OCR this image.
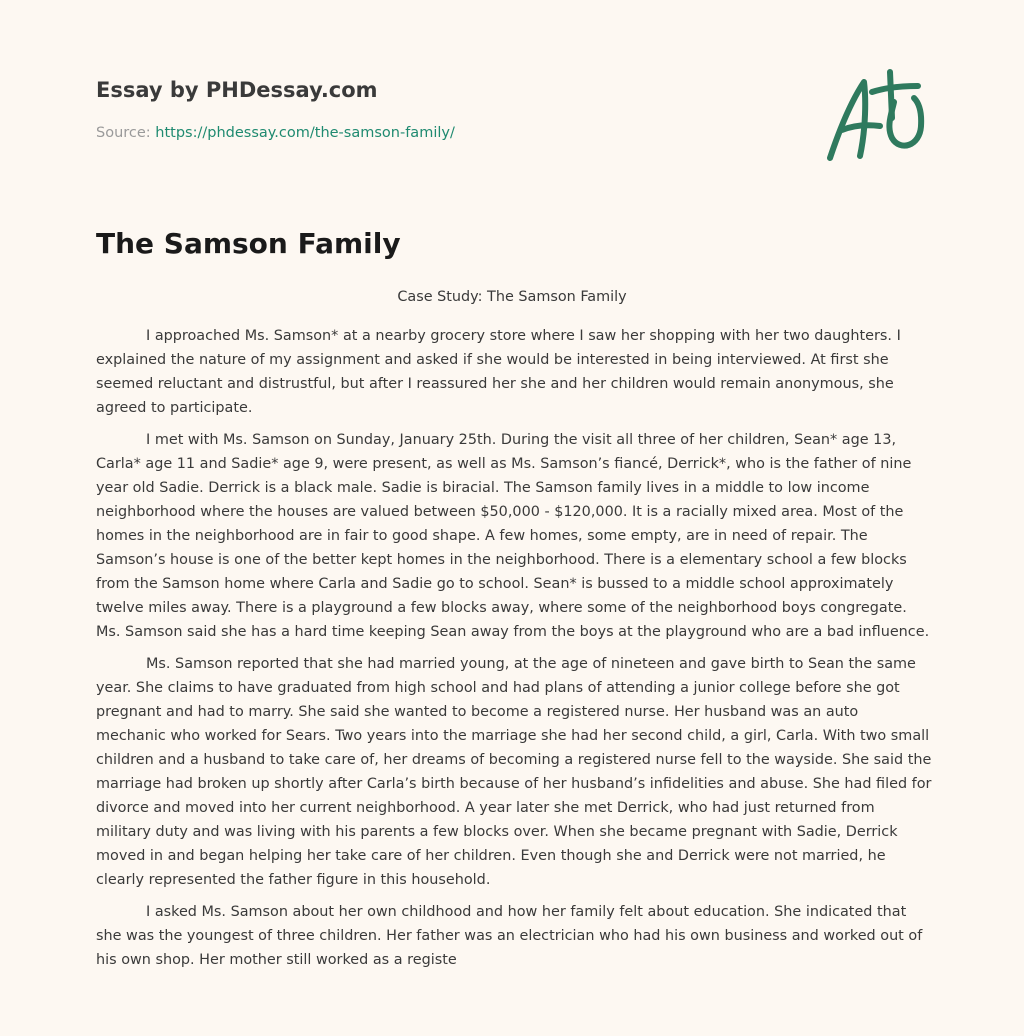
Essay by PHDessay.com
Source: https://phdessay.com/the-samson-family/
The Samson Family
Case Study: The Samson Family

I approached Ms. Samson* at a nearby grocery store where I saw her shopping with her two daughters. I explained the nature of my assignment and asked if she would be interested in being interviewed. At first she seemed reluctant and distrustful, but after I reassured her she and her children would remain anonymous, she agreed to participate.

I met with Ms. Samson on Sunday, January 25th. During the visit all three of her children, Sean* age 13, Carla* age 11 and Sadie* age 9, were present, as well as Ms. Samson’s fiancé, Derrick*, who is the father of nine year old Sadie. Derrick is a black male. Sadie is biracial. The Samson family lives in a middle to low income neighborhood where the houses are valued between $50,000 - $120,000. It is a racially mixed area. Most of the homes in the neighborhood are in fair to good shape. A few homes, some empty, are in need of repair. The Samson’s house is one of the better kept homes in the neighborhood. There is a elementary school a few blocks from the Samson home where Carla and Sadie go to school. Sean* is bussed to a middle school approximately twelve miles away. There is a playground a few blocks away, where some of the neighborhood boys congregate. Ms. Samson said she has a hard time keeping Sean away from the boys at the playground who are a bad influence.

Ms. Samson reported that she had married young, at the age of nineteen and gave birth to Sean the same year. She claims to have graduated from high school and had plans of attending a junior college before she got pregnant and had to marry. She said she wanted to become a registered nurse. Her husband was an auto mechanic who worked for Sears. Two years into the marriage she had her second child, a girl, Carla. With two small children and a husband to take care of, her dreams of becoming a registered nurse fell to the wayside. She said the marriage had broken up shortly after Carla’s birth because of her husband’s infidelities and abuse. She had filed for divorce and moved into her current neighborhood. A year later she met Derrick, who had just returned from military duty and was living with his parents a few blocks over. When she became pregnant with Sadie, Derrick moved in and began helping her take care of her children. Even though she and Derrick were not married, he clearly represented the father figure in this household.

I asked Ms. Samson about her own childhood and how her family felt about education. She indicated that she was the youngest of three children. Her father was an electrician who had his own business and worked out of his own shop. Her mother still worked as a registe
